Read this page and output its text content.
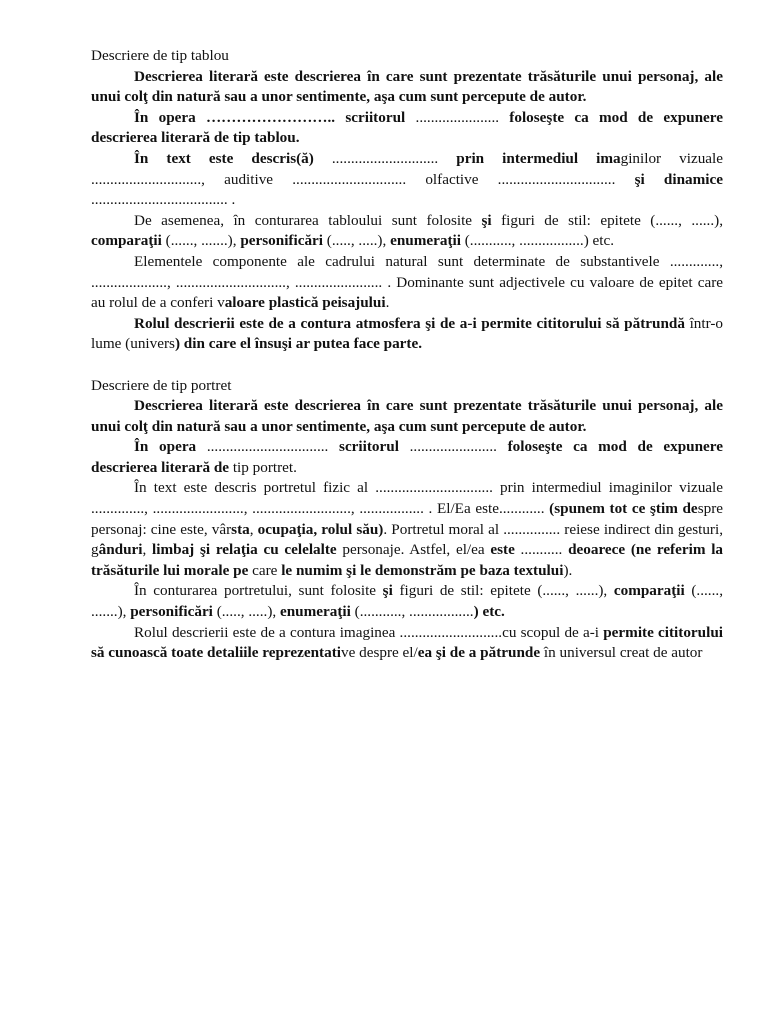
Descriere de tip tablou

Descrierea literară este descrierea în care sunt prezentate trăsăturile unui personaj, ale unui colţ din natură sau a unor sentimente, aşa cum sunt percepute de autor.

În opera …………………….. scriitorul ...................... foloseşte ca mod de expunere descrierea literară de tip tablou.

În text este descris(ă) ............................ prin intermediul imaginilor vizuale ............................., auditive .............................. olfactive ............................... şi dinamice .................................... .

De asemenea, în conturarea tabloului sunt folosite şi figuri de stil: epitete (......, ......), comparaţii (......, .......), personificări (....., .....), enumeraţii (..........., .................) etc.

Elementele componente ale cadrului natural sunt determinate de substantivele ............., ...................., ............................., ....................... . Dominante sunt adjectivele cu valoare de epitet care au rolul de a conferi valoare plastică peisajului.

Rolul descrierii este de a contura atmosfera şi de a-i permite cititorului să pătrundă într-o lume (univers) din care el însuşi ar putea face parte.

Descriere de tip portret

Descrierea literară este descrierea în care sunt prezentate trăsăturile unui personaj, ale unui colţ din natură sau a unor sentimente, aşa cum sunt percepute de autor.

În opera ................................ scriitorul ....................... foloseşte ca mod de expunere descrierea literară de tip portret.

În text este descris portretul fizic al ............................... prin intermediul imaginilor vizuale .............., ........................, .........................., ................. . El/Ea este............ (spunem tot ce ştim despre personaj: cine este, vârsta, ocupaţia, rolul său). Portretul moral al ............... reiese indirect din gesturi, gânduri, limbaj şi relaţia cu celelalte personaje. Astfel, el/ea este ........... deoarece (ne referim la trăsăturile lui morale pe care le numim şi le demonstrăm pe baza textului).

În conturarea portretului, sunt folosite şi figuri de stil: epitete (......, ......), comparaţii (......, .......), personificări (....., .....), enumeraţii (..........., .................) etc.

Rolul descrierii este de a contura imaginea ...........................cu scopul de a-i permite cititorului să cunoască toate detaliile reprezentative despre el/ea şi de a pătrunde în universul creat de autor
